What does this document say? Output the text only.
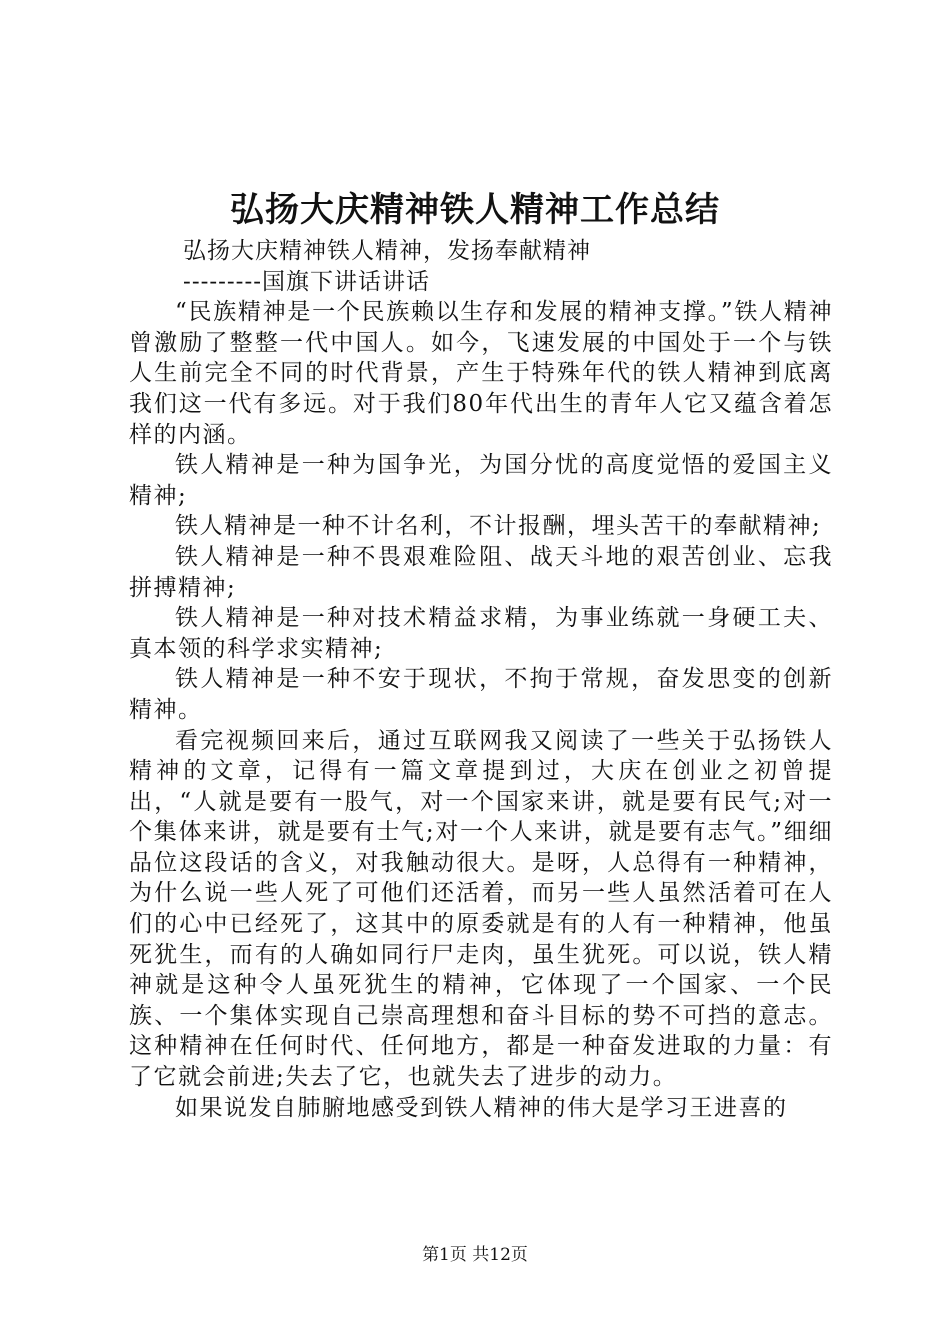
弘扬大庆精神铁人精神工作总结

弘扬大庆精神铁人精神，发扬奉献精神

---------国旗下讲话讲话

“民族精神是一个民族赖以生存和发展的精神支撑。”铁人精神曾激励了整整一代中国人。如今，飞速发展的中国处于一个与铁人生前完全不同的时代背景，产生于特殊年代的铁人精神到底离我们这一代有多远。对于我们80年代出生的青年人它又蕴含着怎样的内涵。

铁人精神是一种为国争光，为国分忧的高度觉悟的爱国主义精神;

铁人精神是一种不计名利，不计报酬，埋头苦干的奉献精神;

铁人精神是一种不畏艰难险阻、战天斗地的艰苦创业、忘我拼搏精神;

铁人精神是一种对技术精益求精，为事业练就一身硬工夫、真本领的科学求实精神;

铁人精神是一种不安于现状，不拘于常规，奋发思变的创新精神。

看完视频回来后，通过互联网我又阅读了一些关于弘扬铁人精神的文章，记得有一篇文章提到过，大庆在创业之初曾提出，“人就是要有一股气，对一个国家来讲，就是要有民气;对一个集体来讲，就是要有士气;对一个人来讲，就是要有志气。”细细品位这段话的含义，对我触动很大。是呀，人总得有一种精神，为什么说一些人死了可他们还活着，而另一些人虽然活着可在人们的心中已经死了，这其中的原委就是有的人有一种精神，他虽死犹生，而有的人确如同行尸走肉，虽生犹死。可以说，铁人精神就是这种令人虽死犹生的精神，它体现了一个国家、一个民族、一个集体实现自己崇高理想和奋斗目标的势不可挡的意志。这种精神在任何时代、任何地方，都是一种奋发进取的力量：有了它就会前进;失去了它，也就失去了进步的动力。

如果说发自肺腑地感受到铁人精神的伟大是学习王进喜的

第1页 共12页
